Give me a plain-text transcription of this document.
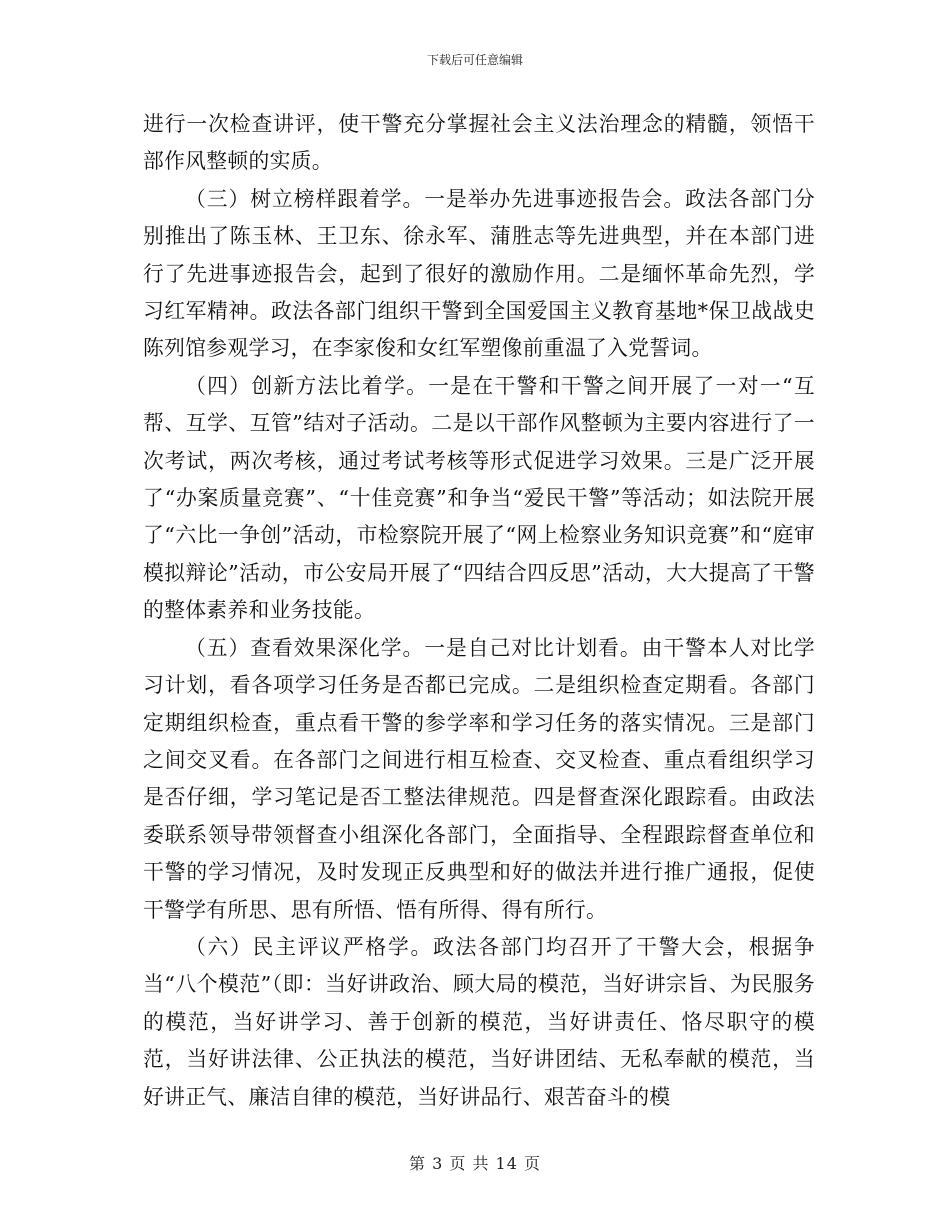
下载后可任意编辑

进行一次检查讲评，使干警充分掌握社会主义法治理念的精髓，领悟干部作风整顿的实质。

（三）树立榜样跟着学。一是举办先进事迹报告会。政法各部门分别推出了陈玉林、王卫东、徐永军、蒲胜志等先进典型，并在本部门进行了先进事迹报告会，起到了很好的激励作用。二是缅怀革命先烈，学习红军精神。政法各部门组织干警到全国爱国主义教育基地*保卫战战史陈列馆参观学习，在李家俊和女红军塑像前重温了入党誓词。

（四）创新方法比着学。一是在干警和干警之间开展了一对一“互帮、互学、互管”结对子活动。二是以干部作风整顿为主要内容进行了一次考试，两次考核，通过考试考核等形式促进学习效果。三是广泛开展了“办案质量竞赛”、“十佳竞赛”和争当“爱民干警”等活动；如法院开展了“六比一争创”活动，市检察院开展了“网上检察业务知识竞赛”和“庭审模拟辩论”活动，市公安局开展了“四结合四反思”活动，大大提高了干警的整体素养和业务技能。

（五）查看效果深化学。一是自己对比计划看。由干警本人对比学习计划，看各项学习任务是否都已完成。二是组织检查定期看。各部门定期组织检查，重点看干警的参学率和学习任务的落实情况。三是部门之间交叉看。在各部门之间进行相互检查、交叉检查、重点看组织学习是否仔细，学习笔记是否工整法律规范。四是督查深化跟踪看。由政法委联系领导带领督查小组深化各部门，全面指导、全程跟踪督查单位和干警的学习情况，及时发现正反典型和好的做法并进行推广通报，促使干警学有所思、思有所悟、悟有所得、得有所行。

（六）民主评议严格学。政法各部门均召开了干警大会，根据争当“八个模范”（即：当好讲政治、顾大局的模范，当好讲宗旨、为民服务的模范，当好讲学习、善于创新的模范，当好讲责任、恪尽职守的模范，当好讲法律、公正执法的模范，当好讲团结、无私奉献的模范，当好讲正气、廉洁自律的模范，当好讲品行、艰苦奋斗的模

第 3 页 共 14 页
